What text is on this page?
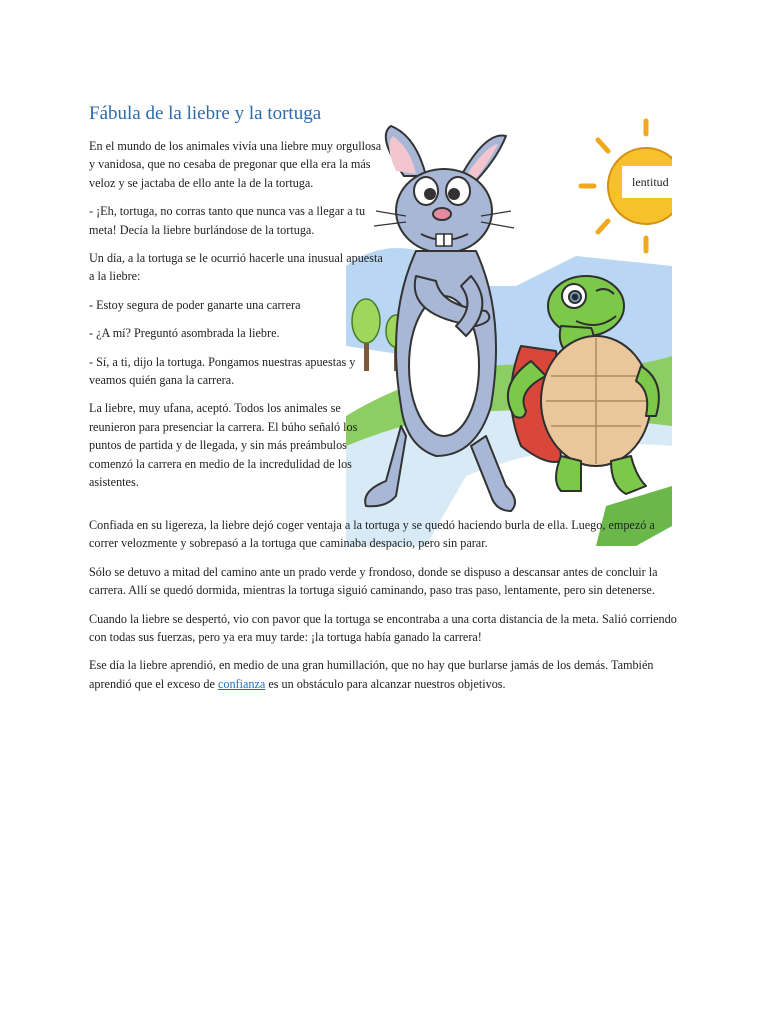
Fábula de la liebre y la tortuga
lentitud

En el mundo de los animales vivía una liebre muy orgullosa y vanidosa, que no cesaba de pregonar que ella era la más veloz y se jactaba de ello ante la de la tortuga.

- ¡Eh, tortuga, no corras tanto que nunca vas a llegar a tu meta! Decía la liebre burlándose de la tortuga.

Un día, a la tortuga se le ocurrió hacerle una inusual apuesta a la liebre:

- Estoy segura de poder ganarte una carrera

- ¿A mí? Preguntó asombrada la liebre.

- Sí, a ti, dijo la tortuga. Pongamos nuestras apuestas y veamos quién gana la carrera.

La liebre, muy ufana, aceptó. Todos los animales se reunieron para presenciar la carrera. El búho señaló los puntos de partida y de llegada, y sin más preámbulos comenzó la carrera en medio de la incredulidad de los asistentes.

Confiada en su ligereza, la liebre dejó coger ventaja a la tortuga y se quedó haciendo burla de ella. Luego, empezó a correr velozmente y sobrepasó a la tortuga que caminaba despacio, pero sin parar.

Sólo se detuvo a mitad del camino ante un prado verde y frondoso, donde se dispuso a descansar antes de concluir la carrera. Allí se quedó dormida, mientras la tortuga siguió caminando, paso tras paso, lentamente, pero sin detenerse.

Cuando la liebre se despertó, vio con pavor que la tortuga se encontraba a una corta distancia de la meta. Salió corriendo con todas sus fuerzas, pero ya era muy tarde: ¡la tortuga había ganado la carrera!

Ese día la liebre aprendió, en medio de una gran humillación, que no hay que burlarse jamás de los demás. También aprendió que el exceso de confianza es un obstáculo para alcanzar nuestros objetivos.
